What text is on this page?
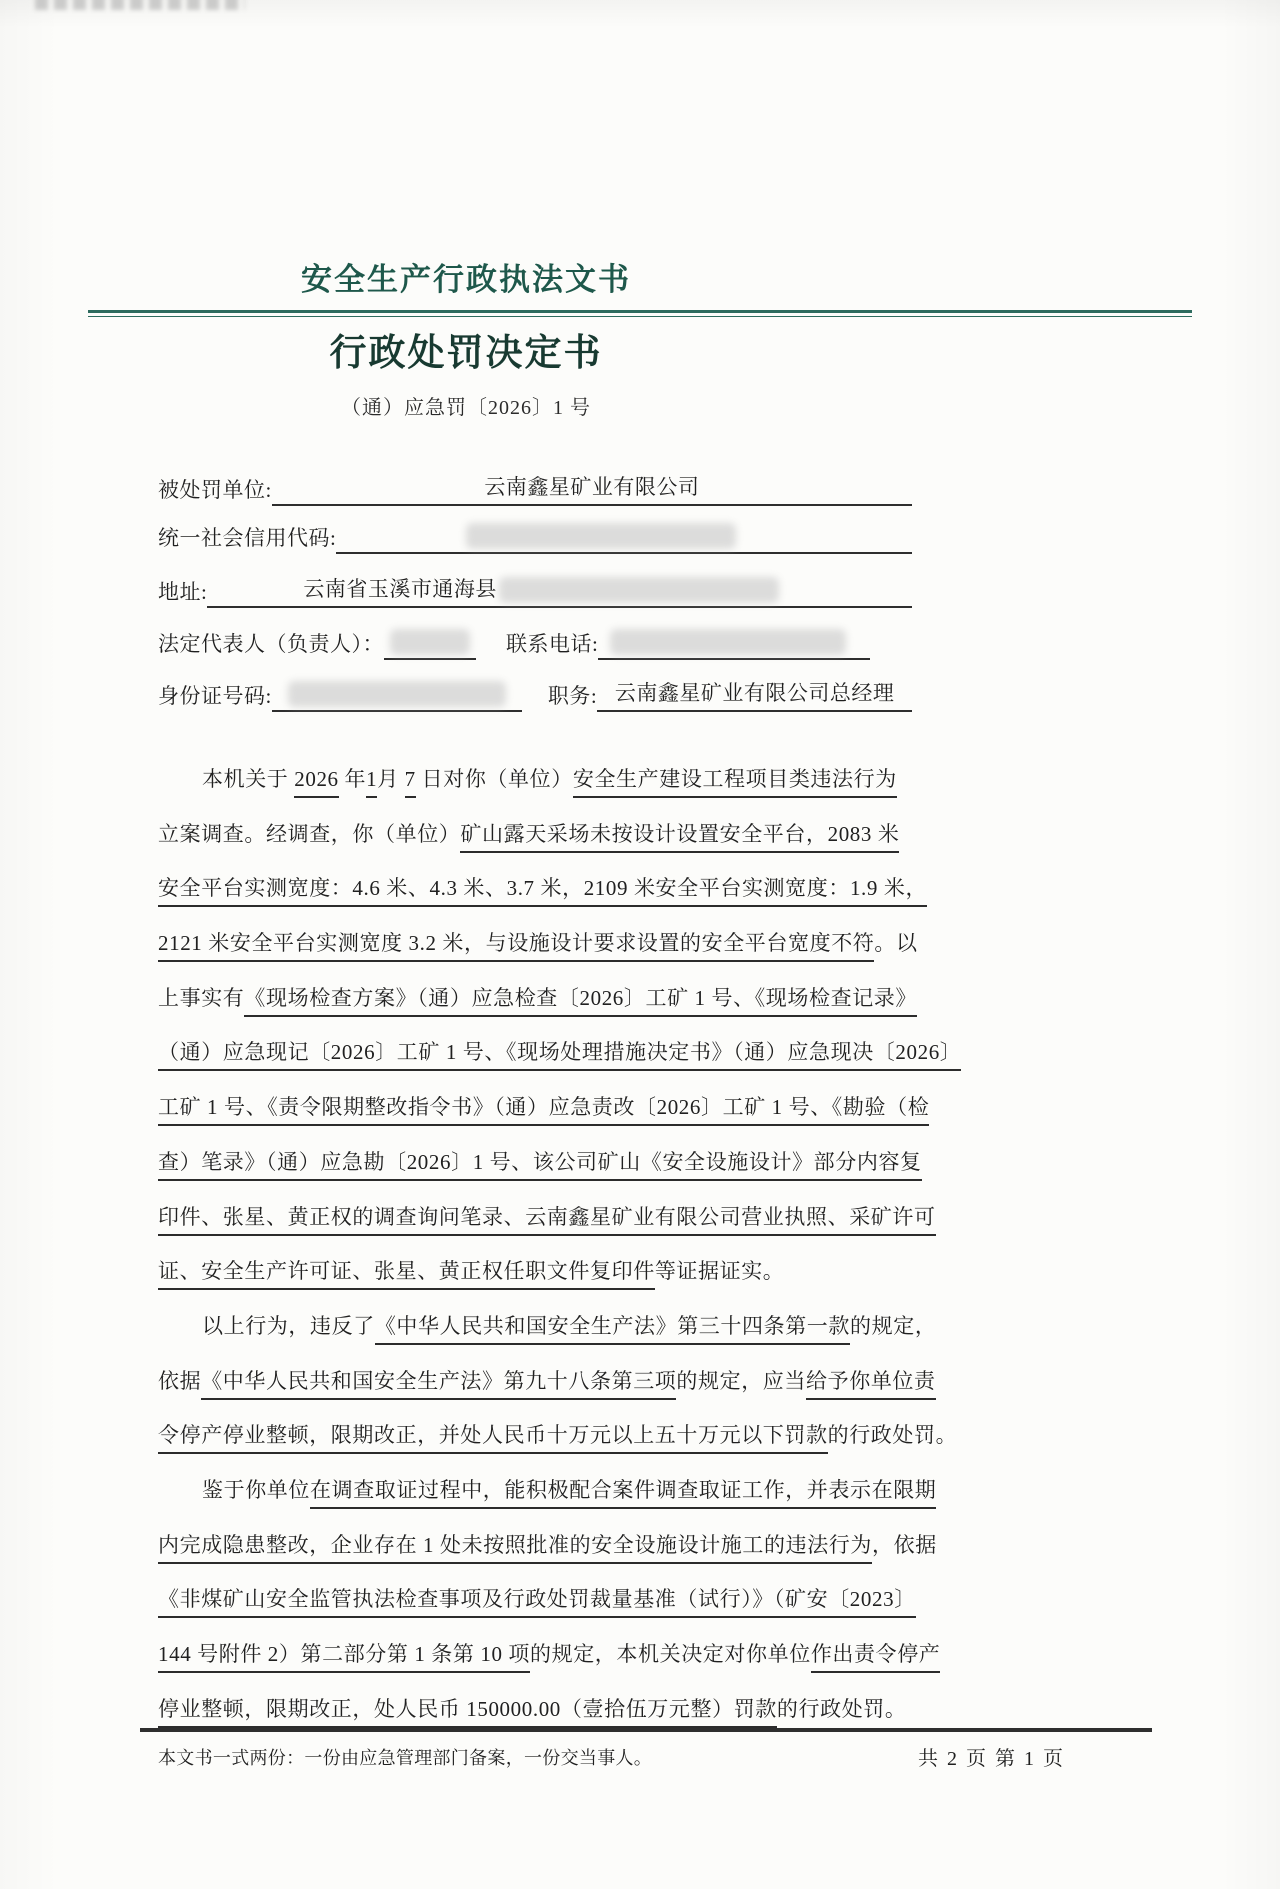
安全生产行政执法文书
行政处罚决定书
（通）应急罚〔2026〕1 号
被处罚单位:	云南鑫星矿业有限公司
统一社会信用代码:
地址:	云南省玉溪市通海县
法定代表人（负责人）：	联系电话:
身份证号码:	职务: 云南鑫星矿业有限公司总经理
本机关于 2026 年1月 7 日对你（单位）安全生产建设工程项目类违法行为
立案调查。经调查，你（单位）矿山露天采场未按设计设置安全平台，2083 米
安全平台实测宽度：4.6 米、4.3 米、3.7 米，2109 米安全平台实测宽度：1.9 米，
2121 米安全平台实测宽度 3.2 米，与设施设计要求设置的安全平台宽度不符。以
上事实有《现场检查方案》（通）应急检查〔2026〕工矿 1 号、《现场检查记录》
（通）应急现记〔2026〕工矿 1 号、《现场处理措施决定书》（通）应急现决〔2026〕
工矿 1 号、《责令限期整改指令书》（通）应急责改〔2026〕工矿 1 号、《勘验（检
查）笔录》（通）应急勘〔2026〕1 号、该公司矿山《安全设施设计》部分内容复
印件、张星、黄正权的调查询问笔录、云南鑫星矿业有限公司营业执照、采矿许可
证、安全生产许可证、张星、黄正权任职文件复印件等证据证实。
以上行为，违反了《中华人民共和国安全生产法》第三十四条第一款的规定，
依据《中华人民共和国安全生产法》第九十八条第三项的规定，应当给予你单位责
令停产停业整顿，限期改正，并处人民币十万元以上五十万元以下罚款的行政处罚。
鉴于你单位在调查取证过程中，能积极配合案件调查取证工作，并表示在限期
内完成隐患整改，企业存在 1 处未按照批准的安全设施设计施工的违法行为，依据
《非煤矿山安全监管执法检查事项及行政处罚裁量基准（试行）》（矿安〔2023〕
144 号附件 2）第二部分第 1 条第 10 项的规定，本机关决定对你单位作出责令停产
停业整顿，限期改正，处人民币 150000.00（壹拾伍万元整）罚款的行政处罚。
本文书一式两份：一份由应急管理部门备案，一份交当事人。	共 2 页 第 1 页
